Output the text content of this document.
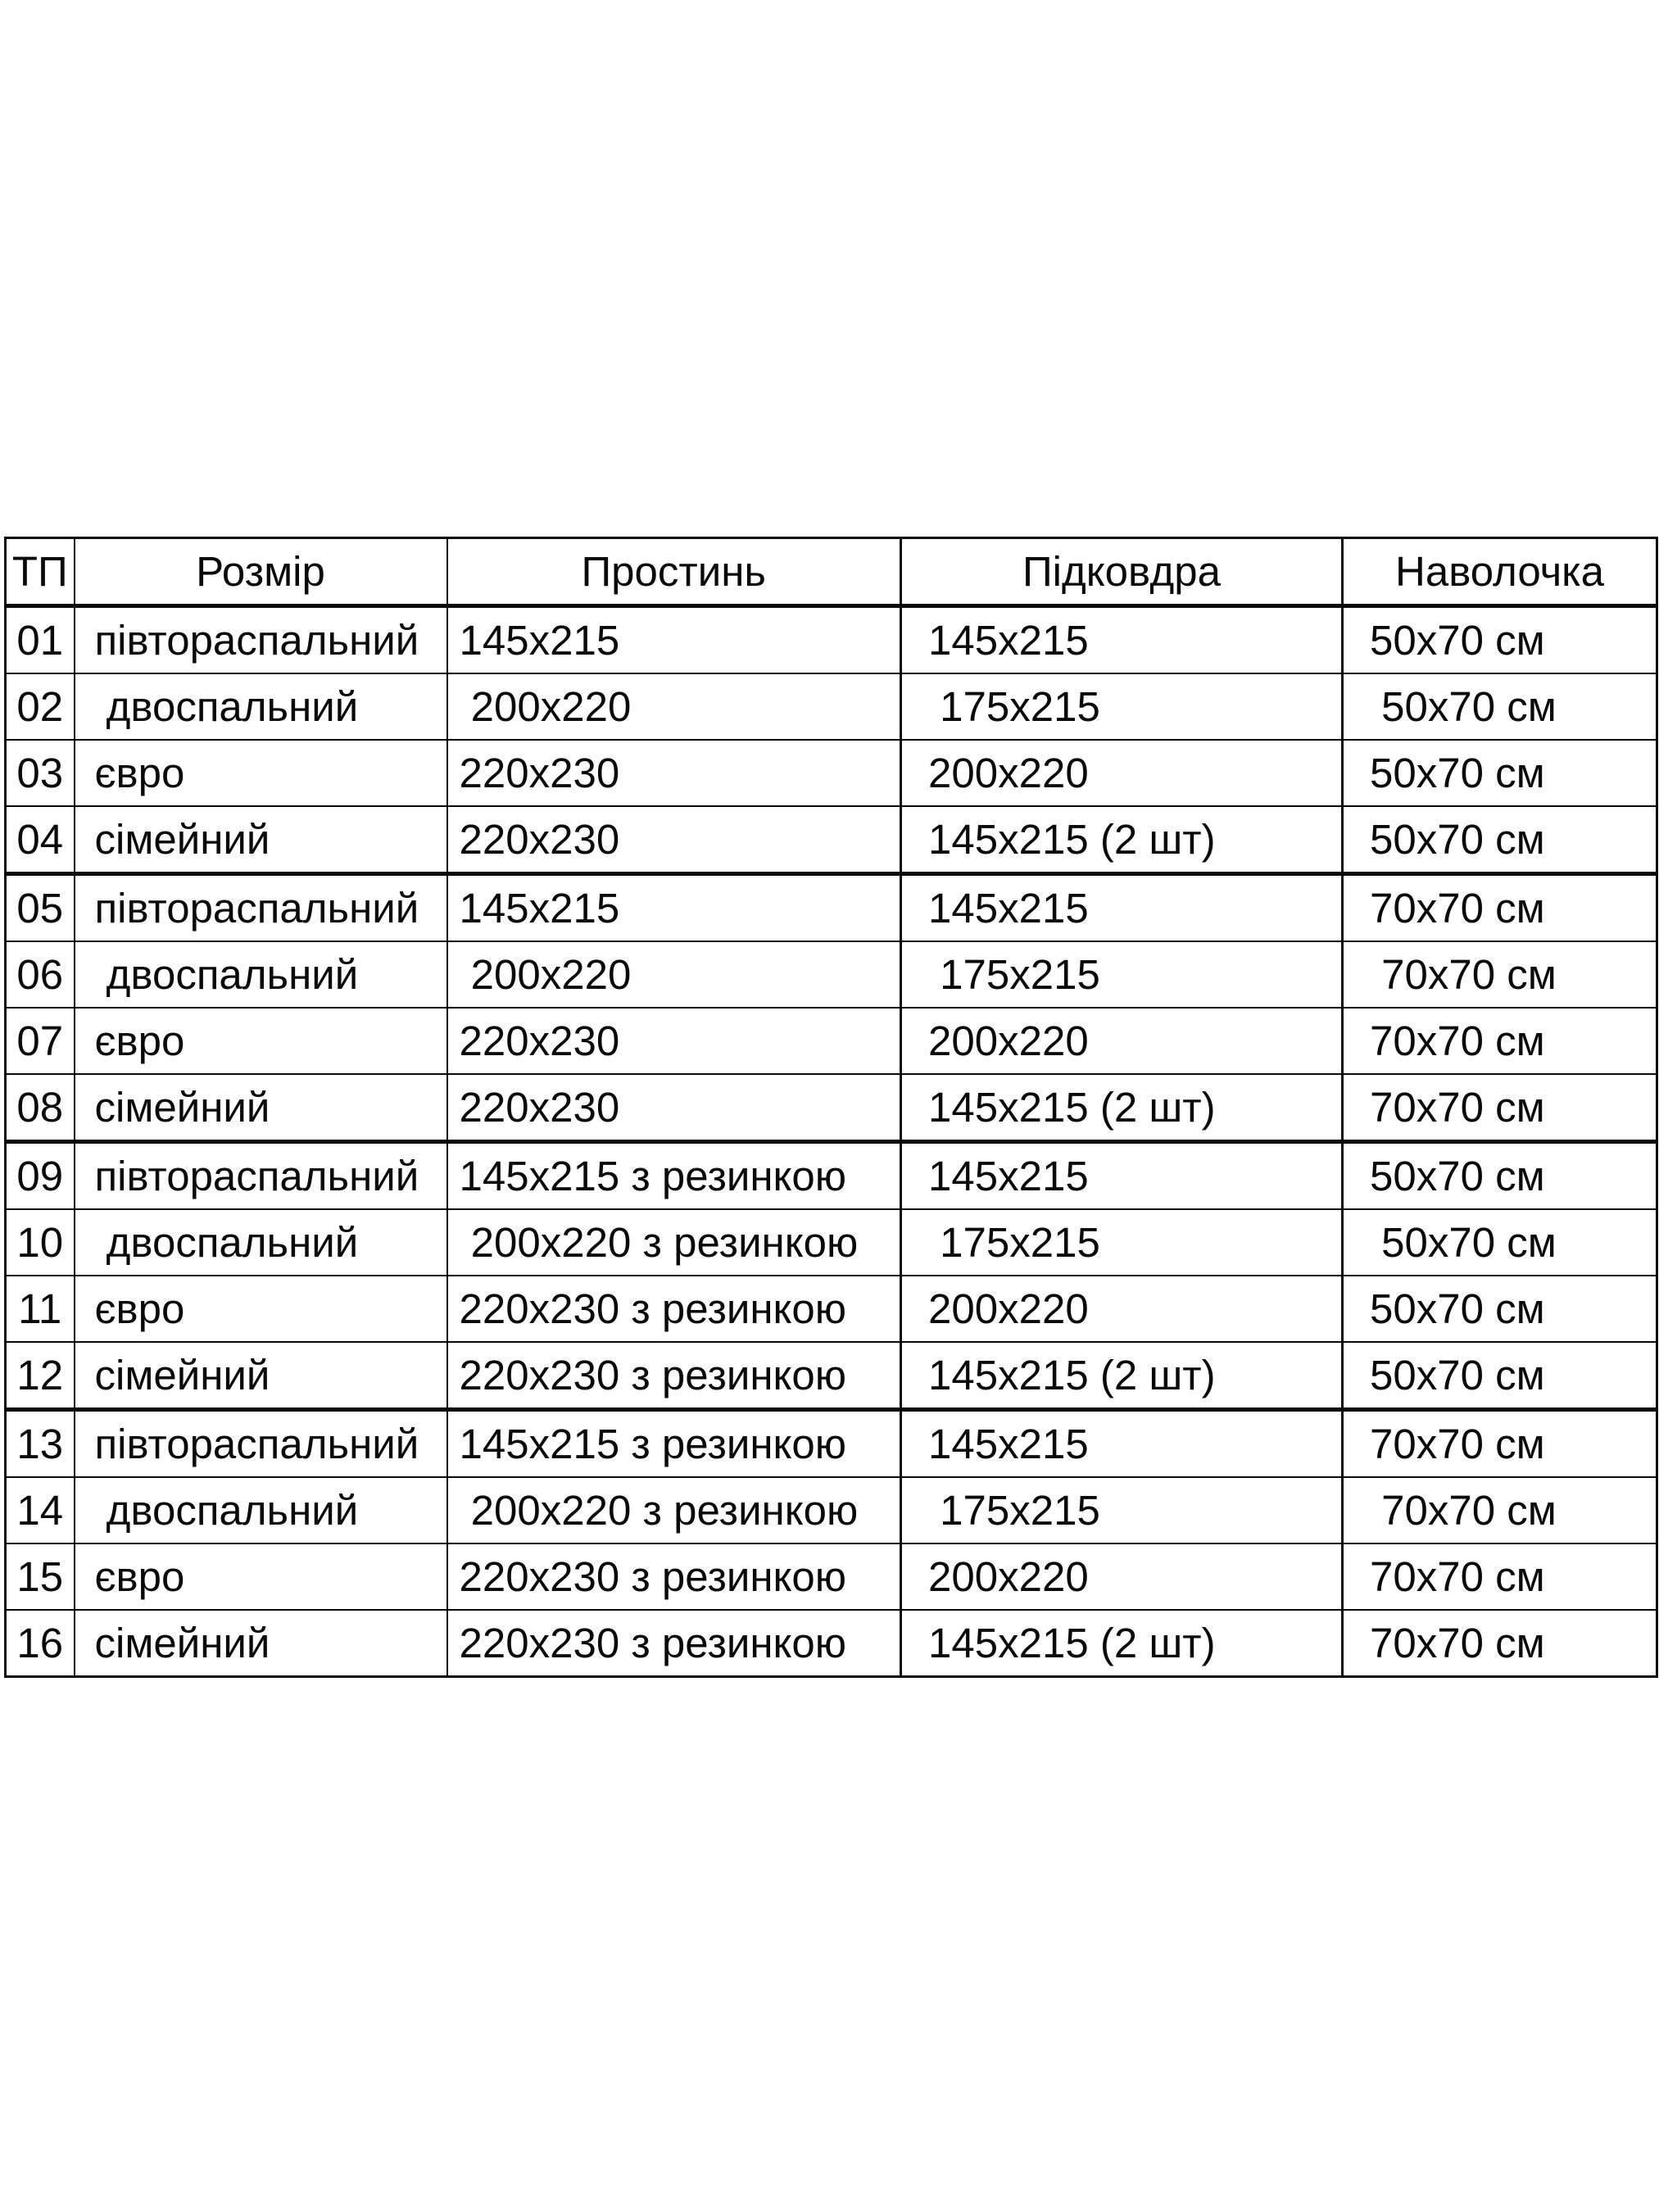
ТП	Розмір	Простинь	Підковдра	Наволочка
01	півтораспальний	145х215	145х215	50х70 см
02	двоспальний	200х220	175х215	50х70 см
03	євро	220х230	200х220	50х70 см
04	сімейний	220х230	145х215 (2 шт)	50х70 см
05	півтораспальний	145х215	145х215	70х70 см
06	двоспальний	200х220	175х215	70х70 см
07	євро	220х230	200х220	70х70 см
08	сімейний	220х230	145х215 (2 шт)	70х70 см
09	півтораспальний	145х215 з резинкою	145х215	50х70 см
10	двоспальний	200х220 з резинкою	175х215	50х70 см
11	євро	220х230 з резинкою	200х220	50х70 см
12	сімейний	220х230 з резинкою	145х215 (2 шт)	50х70 см
13	півтораспальний	145х215 з резинкою	145х215	70х70 см
14	двоспальний	200х220 з резинкою	175х215	70х70 см
15	євро	220х230 з резинкою	200х220	70х70 см
16	сімейний	220х230 з резинкою	145х215 (2 шт)	70х70 см
